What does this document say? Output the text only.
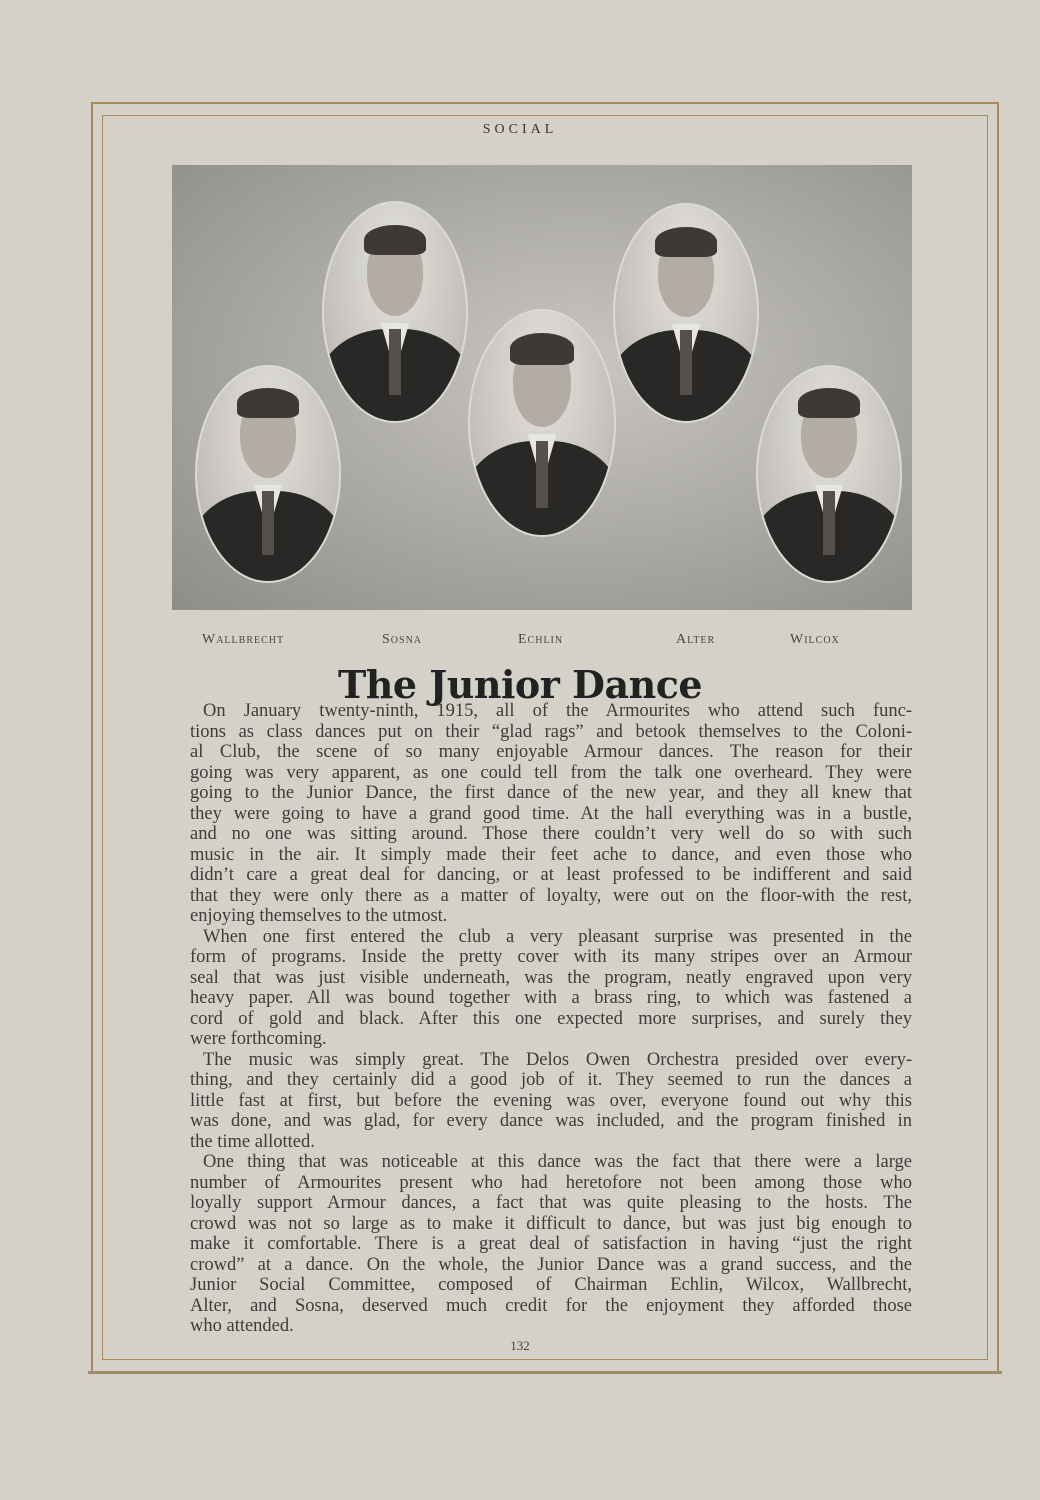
SOCIAL
Wallbrecht	Sosna	Echlin	Alter	Wilcox
The Junior Dance
On January twenty-ninth, 1915, all of the Armourites who attend such func-
tions as class dances put on their “glad rags” and betook themselves to the Coloni-
al Club, the scene of so many enjoyable Armour dances. The reason for their
going was very apparent, as one could tell from the talk one overheard. They were
going to the Junior Dance, the first dance of the new year, and they all knew that
they were going to have a grand good time. At the hall everything was in a bustle,
and no one was sitting around. Those there couldn’t very well do so with such
music in the air. It simply made their feet ache to dance, and even those who
didn’t care a great deal for dancing, or at least professed to be indifferent and said
that they were only there as a matter of loyalty, were out on the floor-with the rest,
enjoying themselves to the utmost.
When one first entered the club a very pleasant surprise was presented in the
form of programs. Inside the pretty cover with its many stripes over an Armour
seal that was just visible underneath, was the program, neatly engraved upon very
heavy paper. All was bound together with a brass ring, to which was fastened a
cord of gold and black. After this one expected more surprises, and surely they
were forthcoming.
The music was simply great. The Delos Owen Orchestra presided over every-
thing, and they certainly did a good job of it. They seemed to run the dances a
little fast at first, but before the evening was over, everyone found out why this
was done, and was glad, for every dance was included, and the program finished in
the time allotted.
One thing that was noticeable at this dance was the fact that there were a large
number of Armourites present who had heretofore not been among those who
loyally support Armour dances, a fact that was quite pleasing to the hosts. The
crowd was not so large as to make it difficult to dance, but was just big enough to
make it comfortable. There is a great deal of satisfaction in having “just the right
crowd” at a dance. On the whole, the Junior Dance was a grand success, and the
Junior Social Committee, composed of Chairman Echlin, Wilcox, Wallbrecht,
Alter, and Sosna, deserved much credit for the enjoyment they afforded those
who attended.
132
